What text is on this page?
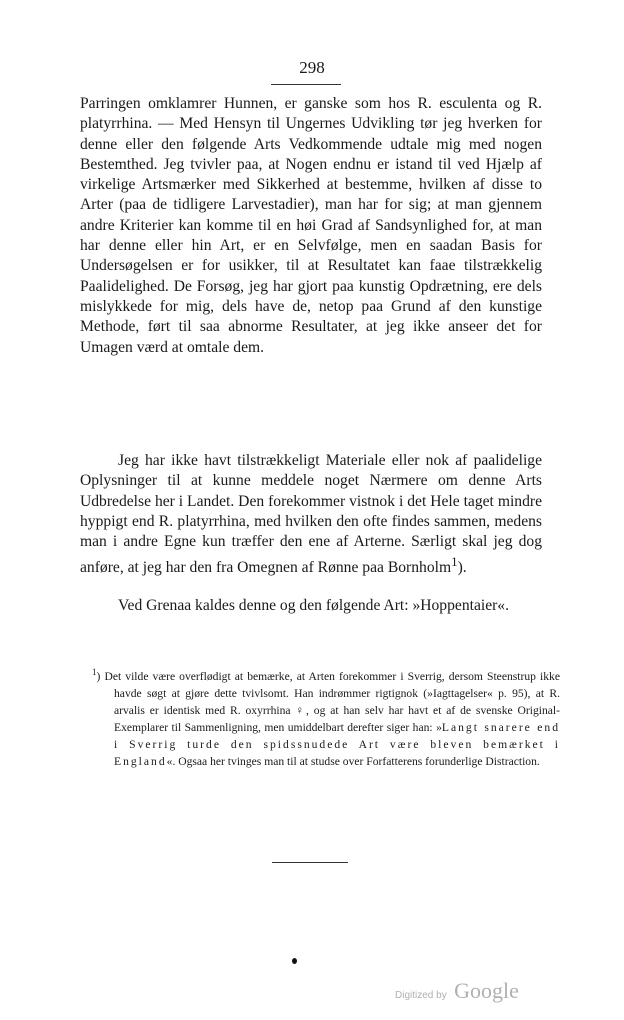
298

Parringen omklamrer Hunnen, er ganske som hos R. esculenta og R. platyrrhina. — Med Hensyn til Ungernes Udvikling tør jeg hverken for denne eller den følgende Arts Vedkommende udtale mig med nogen Bestemthed. Jeg tvivler paa, at Nogen endnu er istand til ved Hjælp af virkelige Artsmærker med Sikkerhed at bestemme, hvilken af disse to Arter (paa de tidligere Larvestadier), man har for sig; at man gjennem andre Kriterier kan komme til en høi Grad af Sandsynlighed for, at man har denne eller hin Art, er en Selvfølge, men en saadan Basis for Undersøgelsen er for usikker, til at Resultatet kan faae tilstrækkelig Paalidelighed. De Forsøg, jeg har gjort paa kunstig Opdrætning, ere dels mislykkede for mig, dels have de, netop paa Grund af den kunstige Methode, ført til saa abnorme Resultater, at jeg ikke anseer det for Umagen værd at omtale dem.

Jeg har ikke havt tilstrækkeligt Materiale eller nok af paalidelige Oplysninger til at kunne meddele noget Nærmere om denne Arts Udbredelse her i Landet. Den forekommer vistnok i det Hele taget mindre hyppigt end R. platyrrhina, med hvilken den ofte findes sammen, medens man i andre Egne kun træffer den ene af Arterne. Særligt skal jeg dog anføre, at jeg har den fra Omegnen af Rønne paa Bornholm$^1$).

Ved Grenaa kaldes denne og den følgende Art: »Hoppentaier«.

$^1$) Det vilde være overflødigt at bemærke, at Arten forekommer i Sverrig, dersom Steenstrup ikke havde søgt at gjøre dette tvivlsomt. Han indrømmer rigtignok (»Iagttagelser« p. 95), at R. arvalis er identisk med R. oxyrrhina ♀, og at han selv har havt et af de svenske Original-Exemplarer til Sammenligning, men umiddelbart derefter siger han: »Langt snarere end i Sverrig turde den spidssnudede Art være bleven bemærket i England«. Ogsaa her tvinges man til at studse over Forfatterens forunderlige Distraction.

Digitized by Google
